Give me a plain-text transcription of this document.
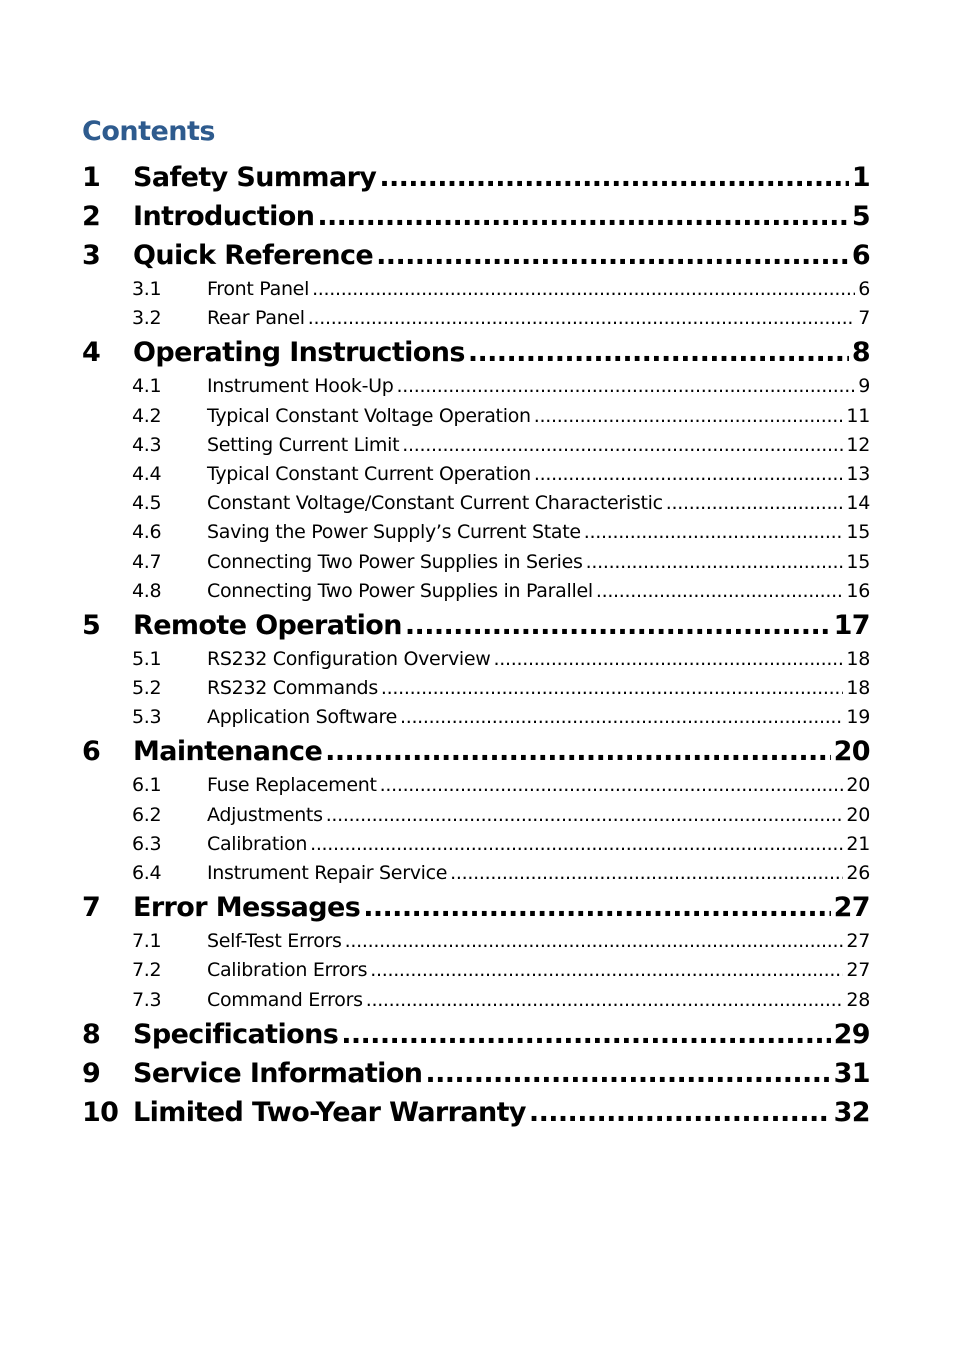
Contents
1	Safety Summary .....	1
2	Introduction .....	5
3	Quick Reference .....	6
3.1	Front Panel .....	6
3.2	Rear Panel .....	7
4	Operating Instructions .....	8
4.1	Instrument Hook-Up .....	9
4.2	Typical Constant Voltage Operation .....	11
4.3	Setting Current Limit .....	12
4.4	Typical Constant Current Operation .....	13
4.5	Constant Voltage/Constant Current Characteristic .....	14
4.6	Saving the Power Supply’s Current State .....	15
4.7	Connecting Two Power Supplies in Series .....	15
4.8	Connecting Two Power Supplies in Parallel .....	16
5	Remote Operation .....	17
5.1	RS232 Configuration Overview .....	18
5.2	RS232 Commands .....	18
5.3	Application Software .....	19
6	Maintenance .....	20
6.1	Fuse Replacement .....	20
6.2	Adjustments .....	20
6.3	Calibration .....	21
6.4	Instrument Repair Service .....	26
7	Error Messages .....	27
7.1	Self-Test Errors .....	27
7.2	Calibration Errors .....	27
7.3	Command Errors .....	28
8	Specifications .....	29
9	Service Information .....	31
10 Limited Two-Year Warranty .....	32
